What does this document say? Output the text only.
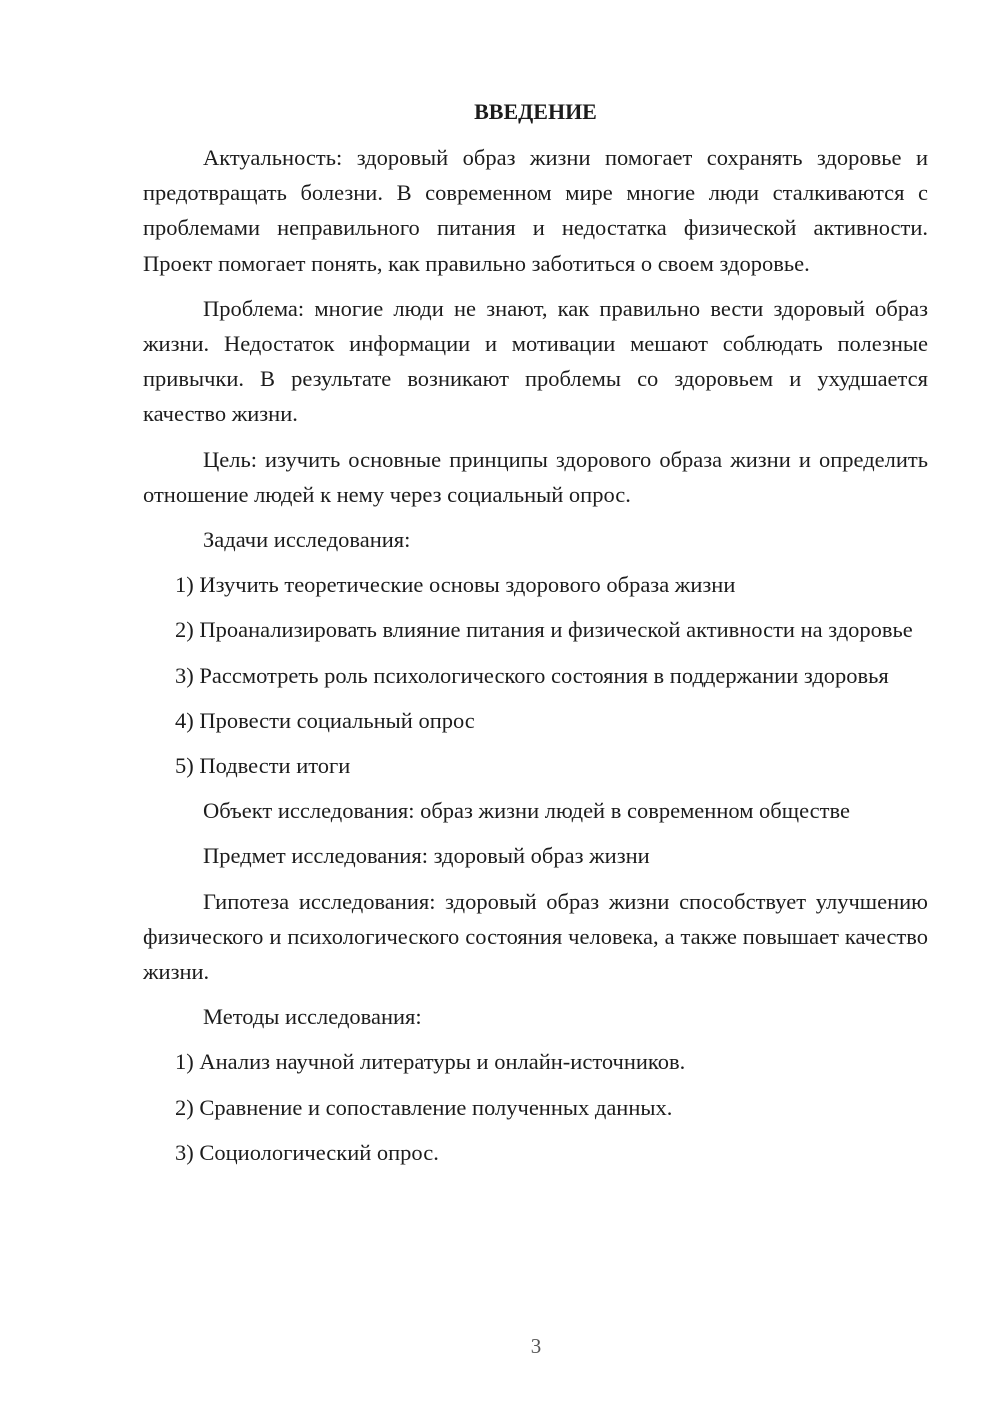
ВВЕДЕНИЕ

Актуальность: здоровый образ жизни помогает сохранять здоровье и предотвращать болезни. В современном мире многие люди сталкиваются с проблемами неправильного питания и недостатка физической активности. Проект помогает понять, как правильно заботиться о своем здоровье.

Проблема: многие люди не знают, как правильно вести здоровый образ жизни. Недостаток информации и мотивации мешают соблюдать полезные привычки. В результате возникают проблемы со здоровьем и ухудшается качество жизни.

Цель: изучить основные принципы здорового образа жизни и определить отношение людей к нему через социальный опрос.

Задачи исследования:

1) Изучить теоретические основы здорового образа жизни

2) Проанализировать влияние питания и физической активности на здоровье

3) Рассмотреть роль психологического состояния в поддержании здоровья

4) Провести социальный опрос

5) Подвести итоги

Объект исследования: образ жизни людей в современном обществе

Предмет исследования: здоровый образ жизни

Гипотеза исследования: здоровый образ жизни способствует улучшению физического и психологического состояния человека, а также повышает качество жизни.

Методы исследования:

1) Анализ научной литературы и онлайн-источников.

2) Сравнение и сопоставление полученных данных.

3) Социологический опрос.

3
